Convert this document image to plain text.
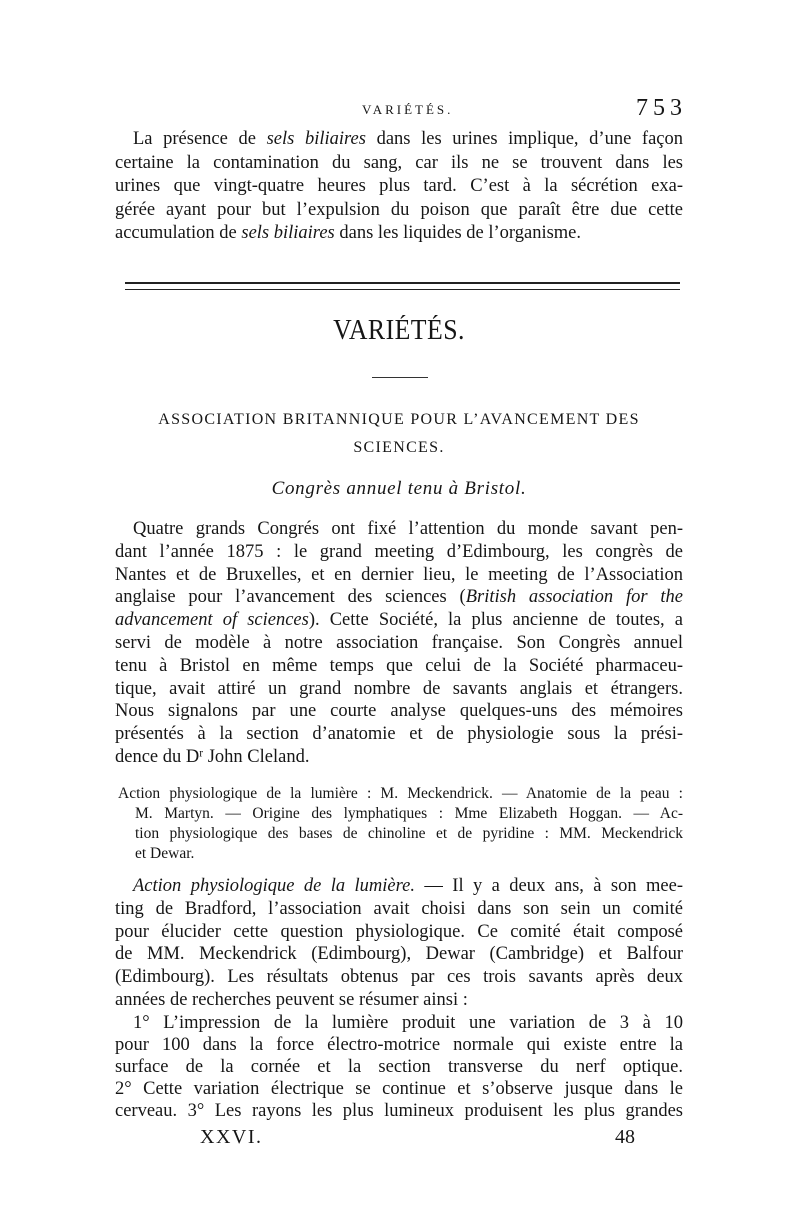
VARIÉTÉS.	753
La présence de sels biliaires dans les urines implique, d’une façon
certaine la contamination du sang, car ils ne se trouvent dans les
urines que vingt-quatre heures plus tard. C’est à la sécrétion exa-
gérée ayant pour but l’expulsion du poison que paraît être due cette
accumulation de sels biliaires dans les liquides de l’organisme.
VARIÉTÉS.
ASSOCIATION BRITANNIQUE POUR L’AVANCEMENT DES
SCIENCES.
Congrès annuel tenu à Bristol.
Quatre grands Congrés ont fixé l’attention du monde savant pen-
dant l’année 1875 : le grand meeting d’Edimbourg, les congrès de
Nantes et de Bruxelles, et en dernier lieu, le meeting de l’Association
anglaise pour l’avancement des sciences (British association for the
advancement of sciences). Cette Société, la plus ancienne de toutes, a
servi de modèle à notre association française. Son Congrès annuel
tenu à Bristol en même temps que celui de la Société pharmaceu-
tique, avait attiré un grand nombre de savants anglais et étrangers.
Nous signalons par une courte analyse quelques-uns des mémoires
présentés à la section d’anatomie et de physiologie sous la prési-
dence du $D^r$ John Cleland.
Action physiologique de la lumière : M. Meckendrick. — Anatomie de la peau :
M. Martyn. — Origine des lymphatiques : Mme Elizabeth Hoggan. — Ac-
tion physiologique des bases de chinoline et de pyridine : MM. Meckendrick
et Dewar.
Action physiologique de la lumière. — Il y a deux ans, à son mee-
ting de Bradford, l’association avait choisi dans son sein un comité
pour élucider cette question physiologique. Ce comité était composé
de MM. Meckendrick (Edimbourg), Dewar (Cambridge) et Balfour
(Edimbourg). Les résultats obtenus par ces trois savants après deux
années de recherches peuvent se résumer ainsi :
1° L’impression de la lumière produit une variation de 3 à 10
pour 100 dans la force électro-motrice normale qui existe entre la
surface de la cornée et la section transverse du nerf optique.
2° Cette variation électrique se continue et s’observe jusque dans le
cerveau. 3° Les rayons les plus lumineux produisent les plus grandes
XXVI.	48
